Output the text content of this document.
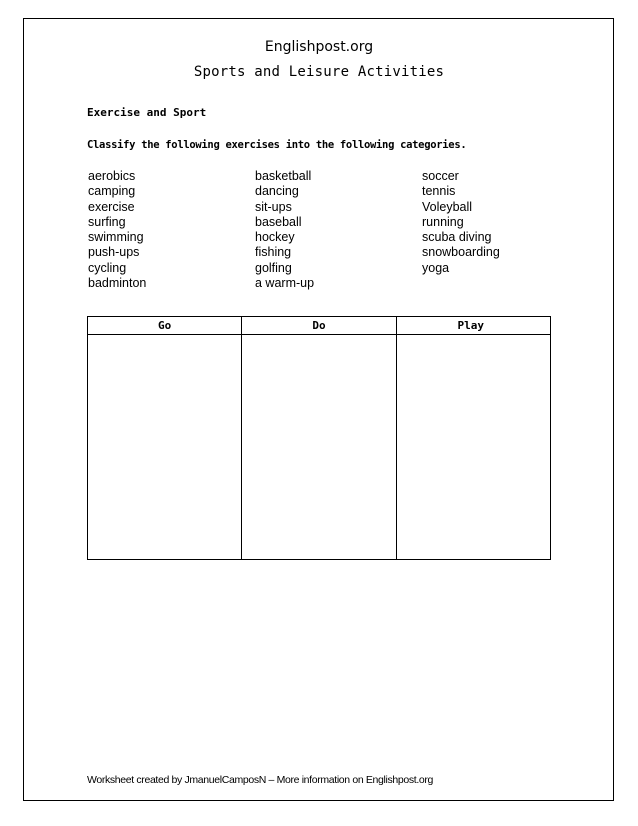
Englishpost.org
Sports and Leisure Activities

Exercise and Sport

Classify the following exercises into the following categories.

aerobics
camping
exercise
surfing
swimming
push-ups
cycling
badminton
basketball
dancing
sit-ups
baseball
hockey
fishing
golfing
a warm-up
soccer
tennis
Voleyball
running
scuba diving
snowboarding
yoga
Go	Do	Play

Worksheet created by JmanuelCamposN – More information on Englishpost.org
